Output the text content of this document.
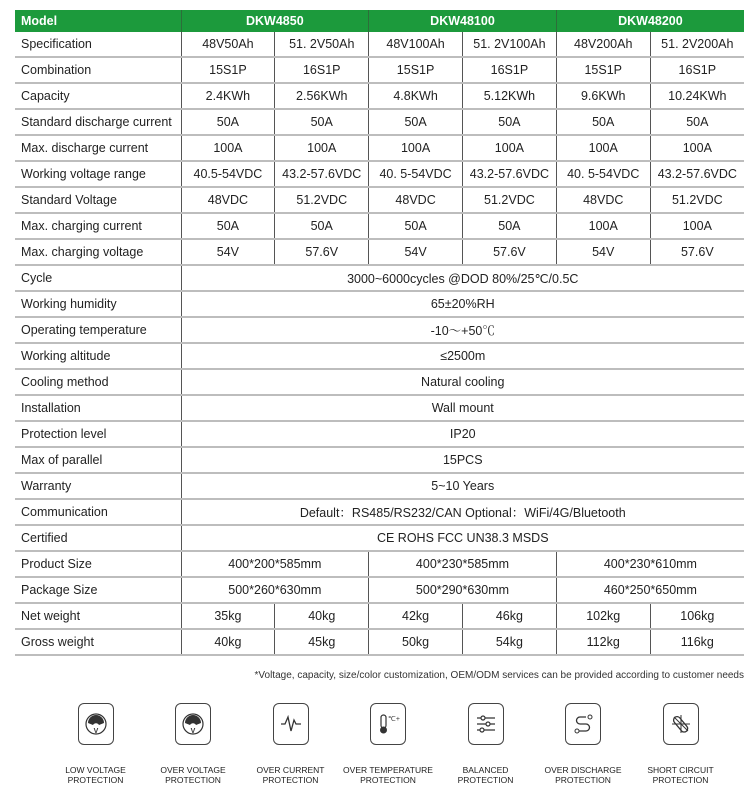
Model	DKW4850		DKW48100		DKW48200	
Specification	48V50Ah	51. 2V50Ah	48V100Ah	51. 2V100Ah	48V200Ah	51. 2V200Ah
Combination	15S1P	16S1P	15S1P	16S1P	15S1P	16S1P
Capacity	2.4KWh	2.56KWh	4.8KWh	5.12KWh	9.6KWh	10.24KWh
Standard discharge current	50A	50A	50A	50A	50A	50A
Max. discharge current	100A	100A	100A	100A	100A	100A
Working voltage range	40.5-54VDC	43.2-57.6VDC	40. 5-54VDC	43.2-57.6VDC	40. 5-54VDC	43.2-57.6VDC
Standard Voltage	48VDC	51.2VDC	48VDC	51.2VDC	48VDC	51.2VDC
Max. charging current	50A	50A	50A	50A	100A	100A
Max. charging voltage	54V	57.6V	54V	57.6V	54V	57.6V
Cycle	3000~6000cycles @DOD 80%/25℃/0.5C					
Working humidity	65±20%RH					
Operating temperature	-10～+50℃					
Working altitude	≤2500m					
Cooling method	Natural cooling					
Installation	Wall mount					
Protection level	IP20					
Max of parallel	15PCS					
Warranty	5~10 Years					
Communication	Default：RS485/RS232/CAN Optional：WiFi/4G/Bluetooth					
Certified	CE ROHS FCC UN38.3 MSDS					
Product Size	400*200*585mm		400*230*585mm		400*230*610mm	
Package Size	500*260*630mm		500*290*630mm		460*250*650mm	
Net weight	35kg	40kg	42kg	46kg	102kg	106kg
Gross weight	40kg	45kg	50kg	54kg	112kg	116kg
*Voltage, capacity, size/color customization, OEM/ODM services can be provided according to customer needs
V
LOW VOLTAGE
PROTECTION
V
OVER VOLTAGE
PROTECTION
OVER CURRENT
PROTECTION
℃+
OVER TEMPERATURE
PROTECTION
BALANCED
PROTECTION
OVER DISCHARGE
PROTECTION
SHORT CIRCUIT
PROTECTION
